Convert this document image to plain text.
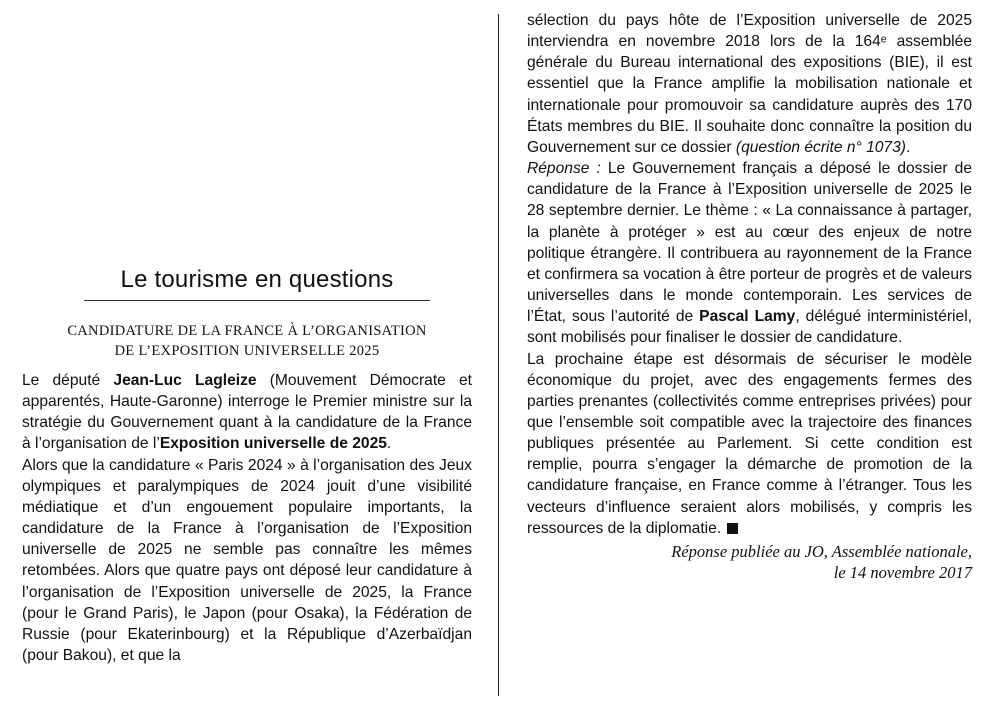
Le tourisme en questions
CANDIDATURE DE LA FRANCE À L’ORGANISATION
DE L’EXPOSITION UNIVERSELLE 2025

Le député Jean-Luc Lagleize (Mouvement Démocrate et apparentés, Haute-Garonne) interroge le Premier ministre sur la stratégie du Gouvernement quant à la candidature de la France à l’organisation de l’Exposition universelle de 2025.

Alors que la candidature « Paris 2024 » à l’organisation des Jeux olympiques et paralympiques de 2024 jouit d’une visibilité médiatique et d’un engouement populaire importants, la candidature de la France à l’organisation de l’Exposition universelle de 2025 ne semble pas connaître les mêmes retombées. Alors que quatre pays ont déposé leur candidature à l’organisation de l’Exposition universelle de 2025, la France (pour le Grand Paris), le Japon (pour Osaka), la Fédération de Russie (pour Ekaterinbourg) et la République d’Azerbaïdjan (pour Bakou), et que la

sélection du pays hôte de l’Exposition universelle de 2025 interviendra en novembre 2018 lors de la 164ᵉ assemblée générale du Bureau international des expositions (BIE), il est essentiel que la France amplifie la mobilisation nationale et internationale pour promouvoir sa candidature auprès des 170 États membres du BIE. Il souhaite donc connaître la position du Gouvernement sur ce dossier (question écrite n° 1073).

Réponse : Le Gouvernement français a déposé le dossier de candidature de la France à l’Exposition universelle de 2025 le 28 septembre dernier. Le thème : « La connaissance à partager, la planète à protéger » est au cœur des enjeux de notre politique étrangère. Il contribuera au rayonnement de la France et confirmera sa vocation à être porteur de progrès et de valeurs universelles dans le monde contemporain. Les services de l’État, sous l’autorité de Pascal Lamy, délégué interministériel, sont mobilisés pour finaliser le dossier de candidature.

La prochaine étape est désormais de sécuriser le modèle économique du projet, avec des engagements fermes des parties prenantes (collectivités comme entreprises privées) pour que l’ensemble soit compatible avec la trajectoire des finances publiques présentée au Parlement. Si cette condition est remplie, pourra s’engager la démarche de promotion de la candidature française, en France comme à l’étranger. Tous les vecteurs d’influence seraient alors mobilisés, y compris les ressources de la diplomatie.

Réponse publiée au JO, Assemblée nationale,
le 14 novembre 2017
